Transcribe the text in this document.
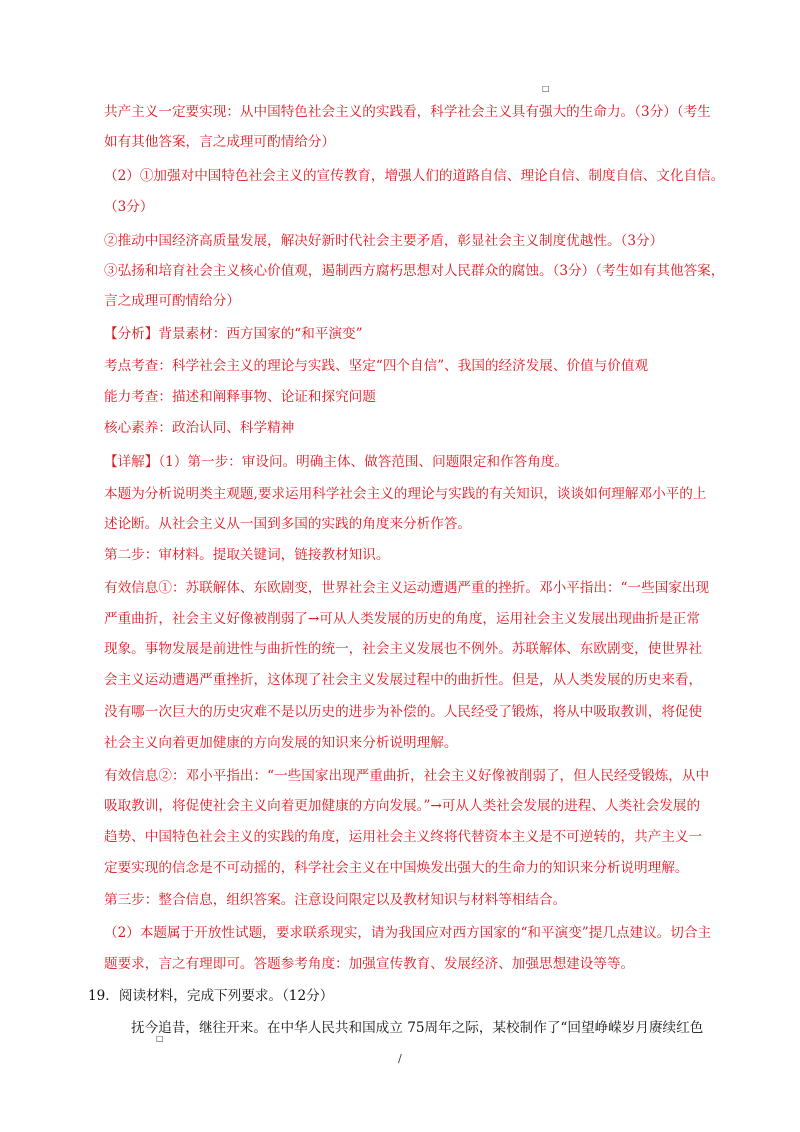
□
共产主义一定要实现：从中国特色社会主义的实践看，科学社会主义具有强大的生命力。（3分）（考生
如有其他答案，言之成理可酌情给分）
（2）①加强对中国特色社会主义的宣传教育，增强人们的道路自信、理论自信、制度自信、文化自信。
（3分）
②推动中国经济高质量发展，解决好新时代社会主要矛盾，彰显社会主义制度优越性。（3分）
③弘扬和培育社会主义核心价值观，遏制西方腐朽思想对人民群众的腐蚀。（3分）（考生如有其他答案，
言之成理可酌情给分）
【分析】背景素材：西方国家的“和平演变”
考点考查：科学社会主义的理论与实践、坚定“四个自信”、我国的经济发展、价值与价值观
能力考查：描述和阐释事物、论证和探究问题
核心素养：政治认同、科学精神
【详解】（1）第一步：审设问。明确主体、做答范围、问题限定和作答角度。
本题为分析说明类主观题,要求运用科学社会主义的理论与实践的有关知识，谈谈如何理解邓小平的上
述论断。从社会主义从一国到多国的实践的角度来分析作答。
第二步：审材料。提取关键词，链接教材知识。
有效信息①：苏联解体、东欧剧变，世界社会主义运动遭遇严重的挫折。邓小平指出：“一些国家出现
严重曲折，社会主义好像被削弱了→可从人类发展的历史的角度，运用社会主义发展出现曲折是正常
现象。事物发展是前进性与曲折性的统一，社会主义发展也不例外。苏联解体、东欧剧变，使世界社
会主义运动遭遇严重挫折，这体现了社会主义发展过程中的曲折性。但是，从人类发展的历史来看，
没有哪一次巨大的历史灾难不是以历史的进步为补偿的。人民经受了锻炼，将从中吸取教训，将促使
社会主义向着更加健康的方向发展的知识来分析说明理解。
有效信息②：邓小平指出：“一些国家出现严重曲折，社会主义好像被削弱了，但人民经受锻炼，从中
吸取教训，将促使社会主义向着更加健康的方向发展。”→可从人类社会发展的进程、人类社会发展的
趋势、中国特色社会主义的实践的角度，运用社会主义终将代替资本主义是不可逆转的，共产主义一
定要实现的信念是不可动摇的，科学社会主义在中国焕发出强大的生命力的知识来分析说明理解。
第三步：整合信息，组织答案。注意设问限定以及教材知识与材料等相结合。
（2）本题属于开放性试题，要求联系现实，请为我国应对西方国家的“和平演变”提几点建议。切合主
题要求，言之有理即可。答题参考角度：加强宣传教育、发展经济、加强思想建设等等。
19．阅读材料，完成下列要求。（12分）
抚今追昔，继往开来。在中华人民共和国成立 75周年之际，某校制作了“回望峥嵘岁月赓续红色
□
/
